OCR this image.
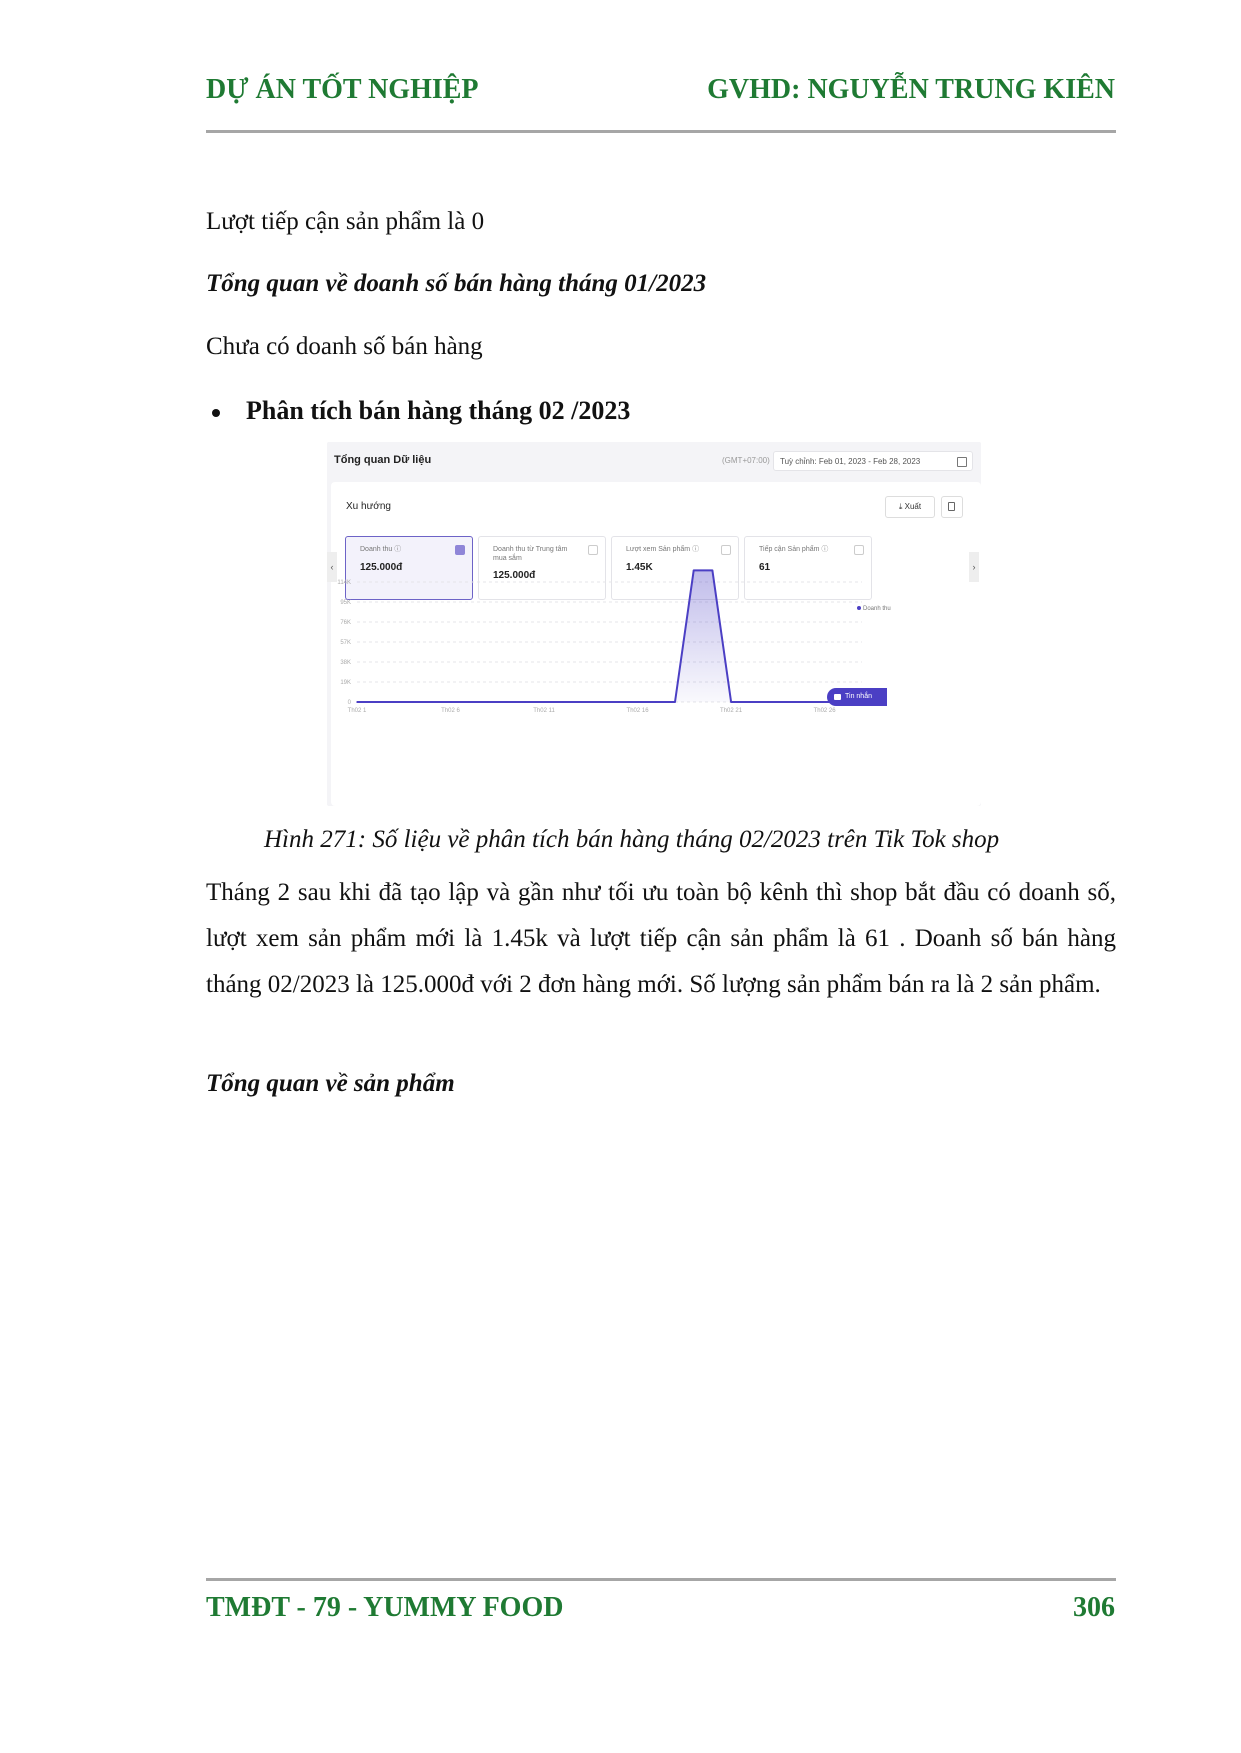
DỰ ÁN TỐT NGHIỆP	GVHD: NGUYỄN TRUNG KIÊN
Lượt tiếp cận sản phẩm là 0
Tổng quan về doanh số bán hàng tháng 01/2023
Chưa có doanh số bán hàng
Phân tích bán hàng tháng 02 /2023
Tổng quan Dữ liệu	(GMT+07:00)	Tuỳ chỉnh: Feb 01, 2023 - Feb 28, 2023
Xu hướng	⤓ Xuất
‹
Doanh thu ⓘ
125.000đ
Doanh thu từ Trung tâm mua sắm
125.000đ
Lượt xem Sản phẩm ⓘ
1.45K
Tiếp cận Sản phẩm ⓘ
61	›
Doanh thu
0
19K
38K
57K
76K
95K
114K
Th02 1	Th02 6	Th02 11	Th02 16	Th02 21	Th02 26
Tin nhắn
Hình 271: Số liệu về phân tích bán hàng tháng 02/2023 trên Tik Tok shop
Tháng 2 sau khi đã tạo lập và gần như tối ưu toàn bộ kênh thì shop bắt đầu có doanh số, lượt xem sản phẩm mới là 1.45k và lượt tiếp cận sản phẩm là 61 . Doanh số bán hàng tháng 02/2023 là 125.000đ với 2 đơn hàng mới. Số lượng sản phẩm bán ra là 2 sản phẩm.
Tổng quan về sản phẩm
TMĐT - 79 - YUMMY FOOD	306
